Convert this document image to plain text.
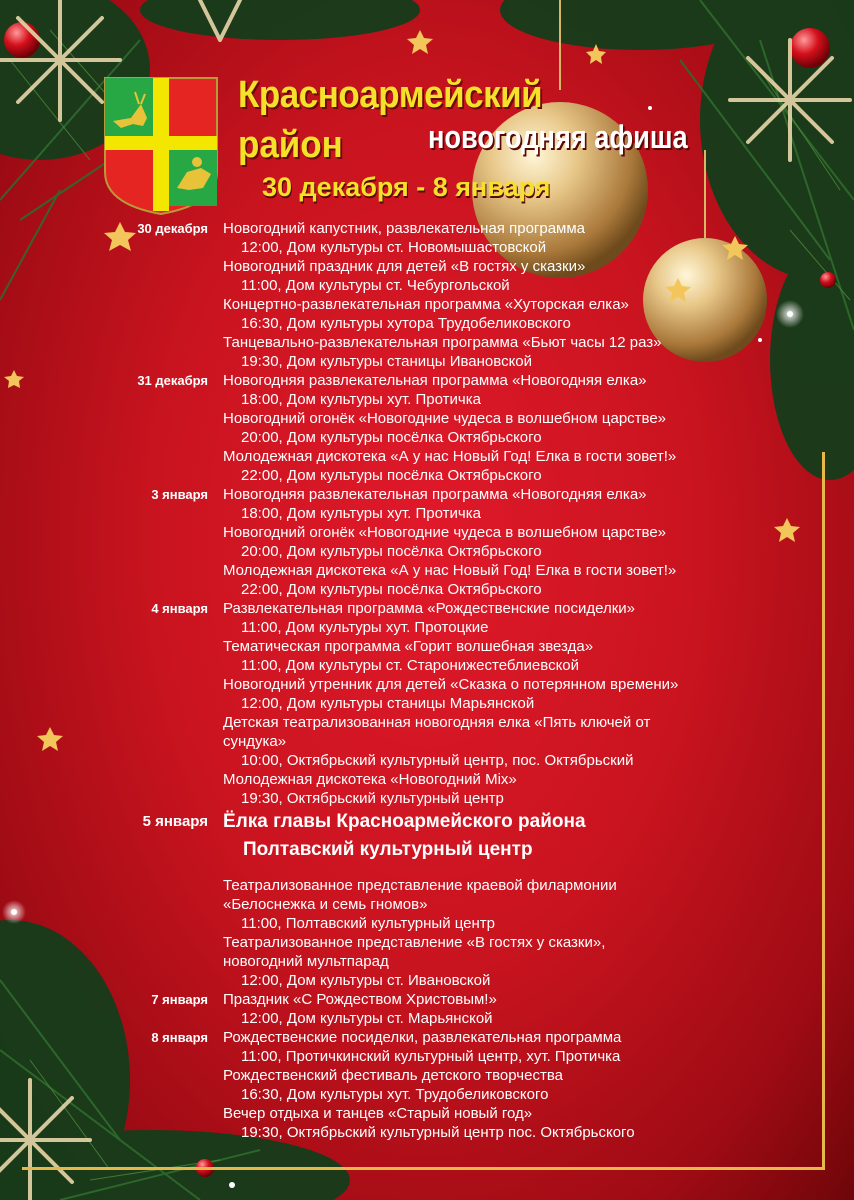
Красноармейский
район	новогодняя афиша
30 декабря - 8 января
30 декабря Новогодний капустник, развлекательная программа
12:00, Дом культуры ст. Новомышастовской
Новогодний праздник для детей «В гостях у сказки»
11:00, Дом культуры ст. Чебургольской
Концертно-развлекательная программа «Хуторская елка»
16:30, Дом культуры хутора Трудобеликовского
Танцевально-развлекательная программа «Бьют часы 12 раз»
19:30, Дом культуры станицы Ивановской
31 декабря Новогодняя развлекательная программа «Новогодняя елка»
18:00, Дом культуры хут. Протичка
Новогодний огонёк «Новогодние чудеса в волшебном царстве»
20:00, Дом культуры посёлка Октябрьского
Молодежная дискотека «А у нас Новый Год! Елка в гости зовет!»
22:00, Дом культуры посёлка Октябрьского
3 января Новогодняя развлекательная программа «Новогодняя елка»
18:00, Дом культуры хут. Протичка
Новогодний огонёк «Новогодние чудеса в волшебном царстве»
20:00, Дом культуры посёлка Октябрьского
Молодежная дискотека «А у нас Новый Год! Елка в гости зовет!»
22:00, Дом культуры посёлка Октябрьского
4 января Развлекательная программа «Рождественские посиделки»
11:00, Дом культуры хут. Протоцкие
Тематическая программа «Горит волшебная звезда»
11:00, Дом культуры ст. Старонижестеблиевской
Новогодний утренник для детей «Сказка о потерянном времени»
12:00, Дом культуры станицы Марьянской
Детская театрализованная новогодняя елка «Пять ключей от
сундука»
10:00, Октябрьский культурный центр, пос. Октябрьский
Молодежная дискотека «Новогодний Mix»
19:30, Октябрьский культурный центр
5 января Ёлка главы Красноармейского района
Полтавский культурный центр
Театрализованное представление краевой филармонии
«Белоснежка и семь гномов»
11:00, Полтавский культурный центр
Театрализованное представление «В гостях у сказки»,
новогодний мультпарад
12:00, Дом культуры ст. Ивановской
7 января Праздник «С Рождеством Христовым!»
12:00, Дом культуры ст. Марьянской
8 января Рождественские посиделки, развлекательная программа
11:00, Протичкинский культурный центр, хут. Протичка
Рождественский фестиваль детского творчества
16:30, Дом культуры хут. Трудобеликовского
Вечер отдыха и танцев «Старый новый год»
19:30, Октябрьский культурный центр пос. Октябрьского
